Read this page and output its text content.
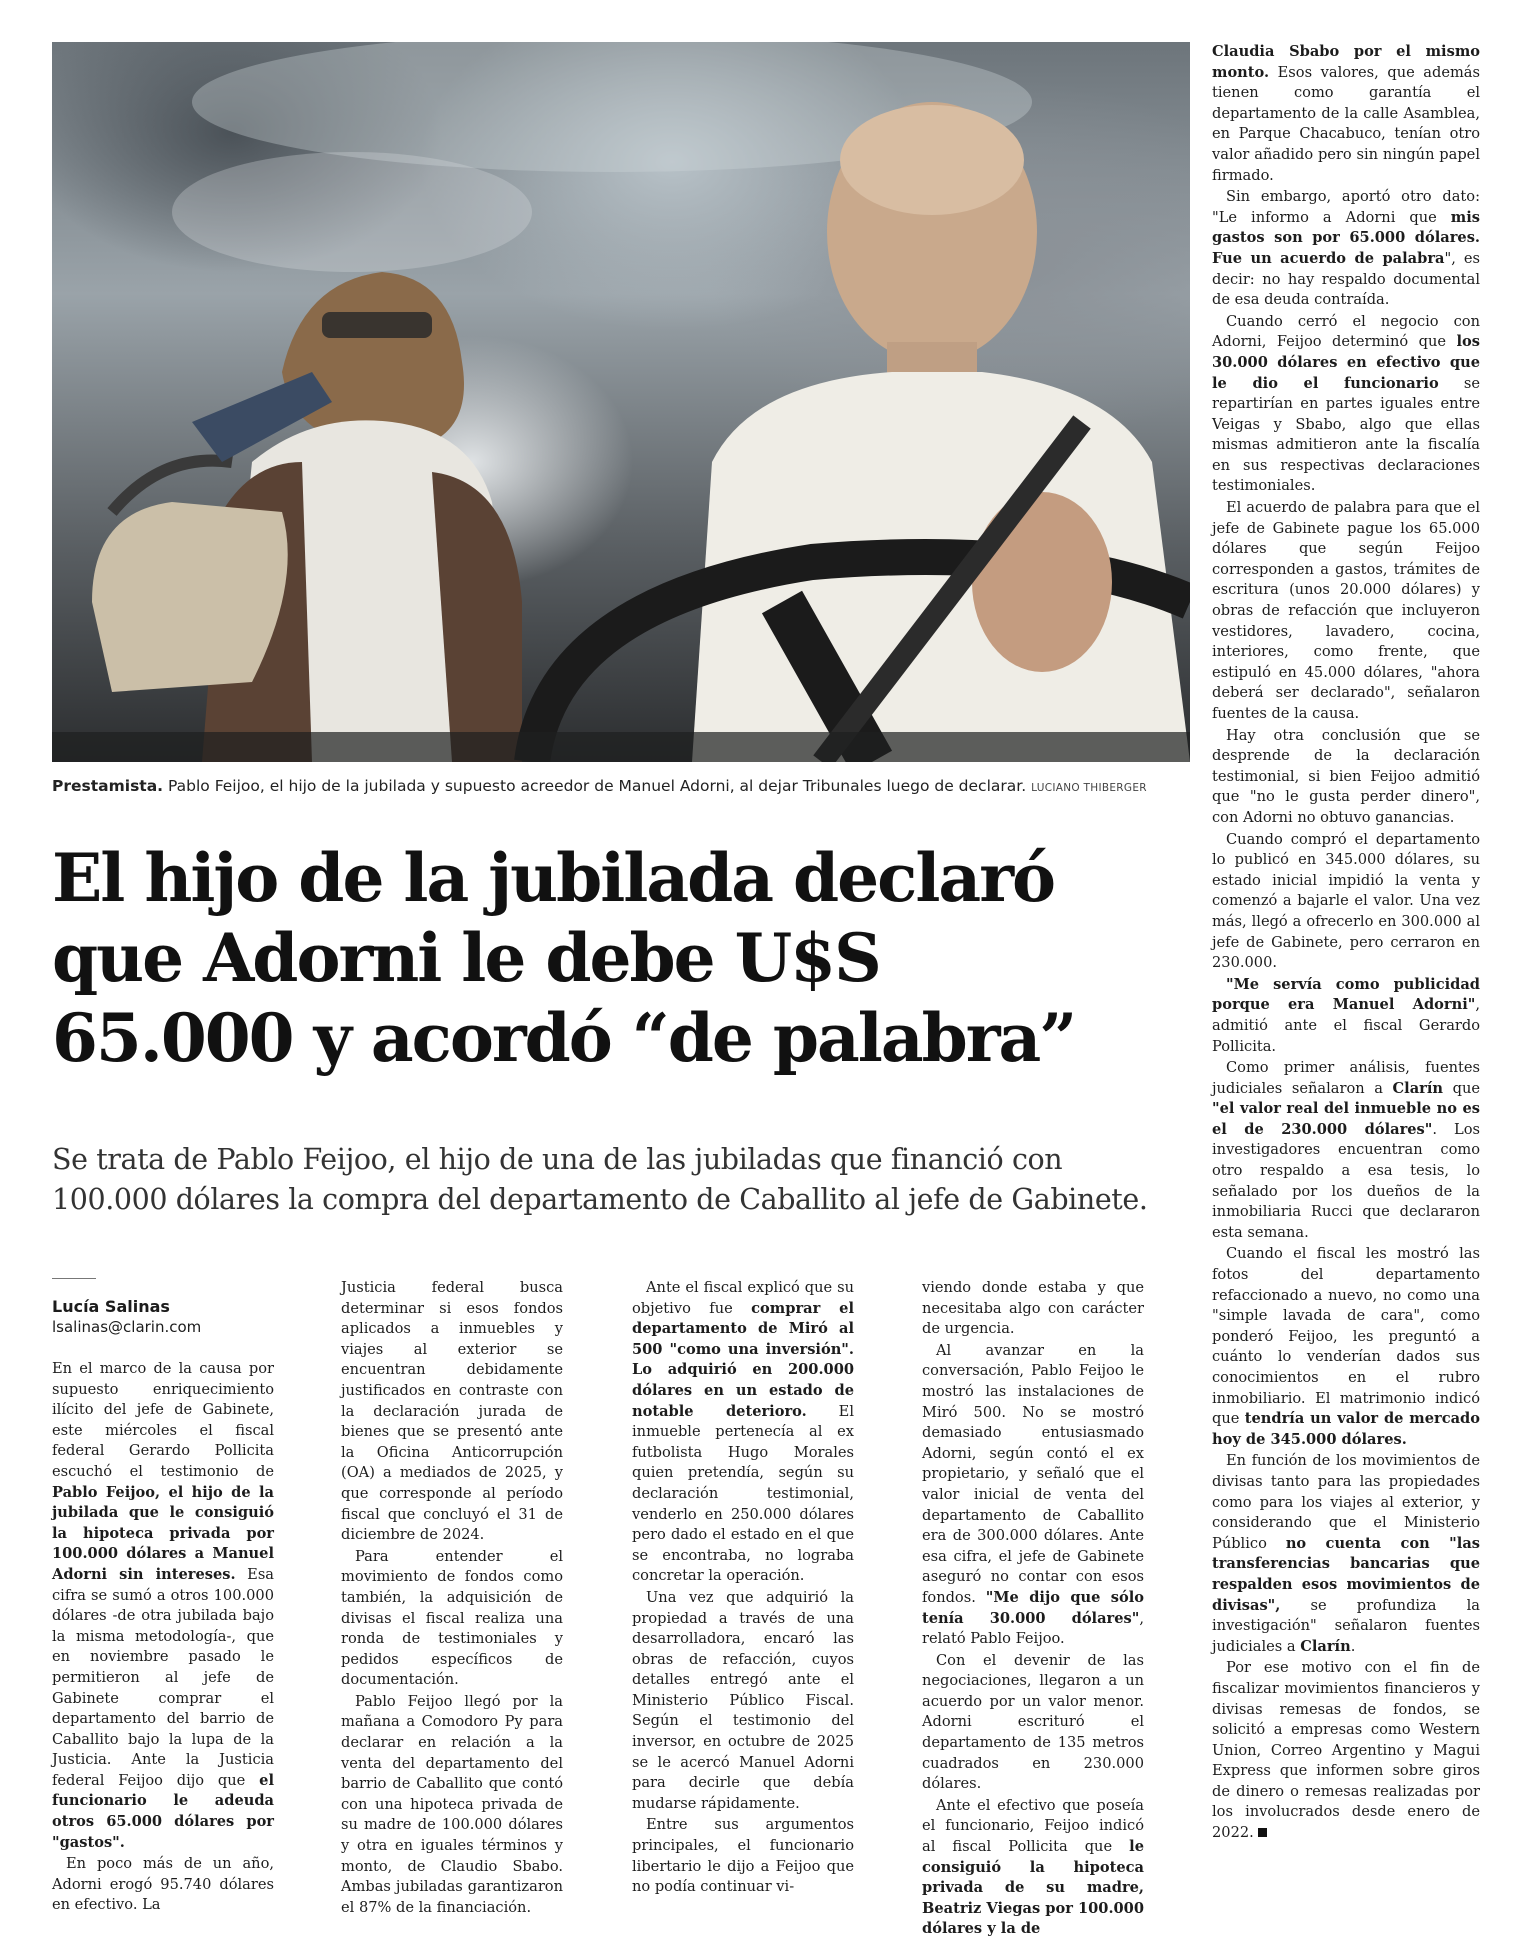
Prestamista. Pablo Feijoo, el hijo de la jubilada y supuesto acreedor de Manuel Adorni, al dejar Tribunales luego de declarar. LUCIANO THIBERGER
El hijo de la jubilada declaró
que Adorni le debe U$S
65.000 y acordó “de palabra”
Se trata de Pablo Feijoo, el hijo de una de las jubiladas que financió con
100.000 dólares la compra del departamento de Caballito al jefe de Gabinete.
Lucía Salinas
lsalinas@clarin.com

En el marco de la causa por supuesto enriquecimiento ilícito del jefe de Gabinete, este miércoles el fiscal federal Gerardo Pollicita escuchó el testimonio de Pablo Feijoo, el hijo de la jubilada que le consiguió la hipoteca privada por 100.000 dólares a Manuel Adorni sin intereses. Esa cifra se sumó a otros 100.000 dólares -de otra jubilada bajo la misma metodología-, que en noviembre pasado le permitieron al jefe de Gabinete comprar el departamento del barrio de Caballito bajo la lupa de la Justicia. Ante la Justicia federal Feijoo dijo que el funcionario le adeuda otros 65.000 dólares por "gastos".

En poco más de un año, Adorni erogó 95.740 dólares en efectivo. La

Justicia federal busca determinar si esos fondos aplicados a inmuebles y viajes al exterior se encuentran debidamente justificados en contraste con la declaración jurada de bienes que se presentó ante la Oficina Anticorrupción (OA) a mediados de 2025, y que corresponde al período fiscal que concluyó el 31 de diciembre de 2024.

Para entender el movimiento de fondos como también, la adquisición de divisas el fiscal realiza una ronda de testimoniales y pedidos específicos de documentación.

Pablo Feijoo llegó por la mañana a Comodoro Py para declarar en relación a la venta del departamento del barrio de Caballito que contó con una hipoteca privada de su madre de 100.000 dólares y otra en iguales términos y monto, de Claudio Sbabo. Ambas jubiladas garantizaron el 87% de la financiación.

Ante el fiscal explicó que su objetivo fue comprar el departamento de Miró al 500 "como una inversión". Lo adquirió en 200.000 dólares en un estado de notable deterioro. El inmueble pertenecía al ex futbolista Hugo Morales quien pretendía, según su declaración testimonial, venderlo en 250.000 dólares pero dado el estado en el que se encontraba, no lograba concretar la operación.

Una vez que adquirió la propiedad a través de una desarrolladora, encaró las obras de refacción, cuyos detalles entregó ante el Ministerio Público Fiscal. Según el testimonio del inversor, en octubre de 2025 se le acercó Manuel Adorni para decirle que debía mudarse rápidamente.

Entre sus argumentos principales, el funcionario libertario le dijo a Feijoo que no podía continuar vi-

viendo donde estaba y que necesitaba algo con carácter de urgencia.

Al avanzar en la conversación, Pablo Feijoo le mostró las instalaciones de Miró 500. No se mostró demasiado entusiasmado Adorni, según contó el ex propietario, y señaló que el valor inicial de venta del departamento de Caballito era de 300.000 dólares. Ante esa cifra, el jefe de Gabinete aseguró no contar con esos fondos. "Me dijo que sólo tenía 30.000 dólares", relató Pablo Feijoo.

Con el devenir de las negociaciones, llegaron a un acuerdo por un valor menor. Adorni escrituró el departamento de 135 metros cuadrados en 230.000 dólares.

Ante el efectivo que poseía el funcionario, Feijoo indicó al fiscal Pollicita que le consiguió la hipoteca privada de su madre, Beatriz Viegas por 100.000 dólares y la de

Claudia Sbabo por el mismo monto. Esos valores, que además tienen como garantía el departamento de la calle Asamblea, en Parque Chacabuco, tenían otro valor añadido pero sin ningún papel firmado.

Sin embargo, aportó otro dato: "Le informo a Adorni que mis gastos son por 65.000 dólares. Fue un acuerdo de palabra", es decir: no hay respaldo documental de esa deuda contraída.

Cuando cerró el negocio con Adorni, Feijoo determinó que los 30.000 dólares en efectivo que le dio el funcionario se repartirían en partes iguales entre Veigas y Sbabo, algo que ellas mismas admitieron ante la fiscalía en sus respectivas declaraciones testimoniales.

El acuerdo de palabra para que el jefe de Gabinete pague los 65.000 dólares que según Feijoo corresponden a gastos, trámites de escritura (unos 20.000 dólares) y obras de refacción que incluyeron vestidores, lavadero, cocina, interiores, como frente, que estipuló en 45.000 dólares, "ahora deberá ser declarado", señalaron fuentes de la causa.

Hay otra conclusión que se desprende de la declaración testimonial, si bien Feijoo admitió que "no le gusta perder dinero", con Adorni no obtuvo ganancias.

Cuando compró el departamento lo publicó en 345.000 dólares, su estado inicial impidió la venta y comenzó a bajarle el valor. Una vez más, llegó a ofrecerlo en 300.000 al jefe de Gabinete, pero cerraron en 230.000.

"Me servía como publicidad porque era Manuel Adorni", admitió ante el fiscal Gerardo Pollicita.

Como primer análisis, fuentes judiciales señalaron a Clarín que "el valor real del inmueble no es el de 230.000 dólares". Los investigadores encuentran como otro respaldo a esa tesis, lo señalado por los dueños de la inmobiliaria Rucci que declararon esta semana.

Cuando el fiscal les mostró las fotos del departamento refaccionado a nuevo, no como una "simple lavada de cara", como ponderó Feijoo, les preguntó a cuánto lo venderían dados sus conocimientos en el rubro inmobiliario. El matrimonio indicó que tendría un valor de mercado hoy de 345.000 dólares.

En función de los movimientos de divisas tanto para las propiedades como para los viajes al exterior, y considerando que el Ministerio Público no cuenta con "las transferencias bancarias que respalden esos movimientos de divisas", se profundiza la investigación" señalaron fuentes judiciales a Clarín.

Por ese motivo con el fin de fiscalizar movimientos financieros y divisas remesas de fondos, se solicitó a empresas como Western Union, Correo Argentino y Magui Express que informen sobre giros de dinero o remesas realizadas por los involucrados desde enero de 2022.
